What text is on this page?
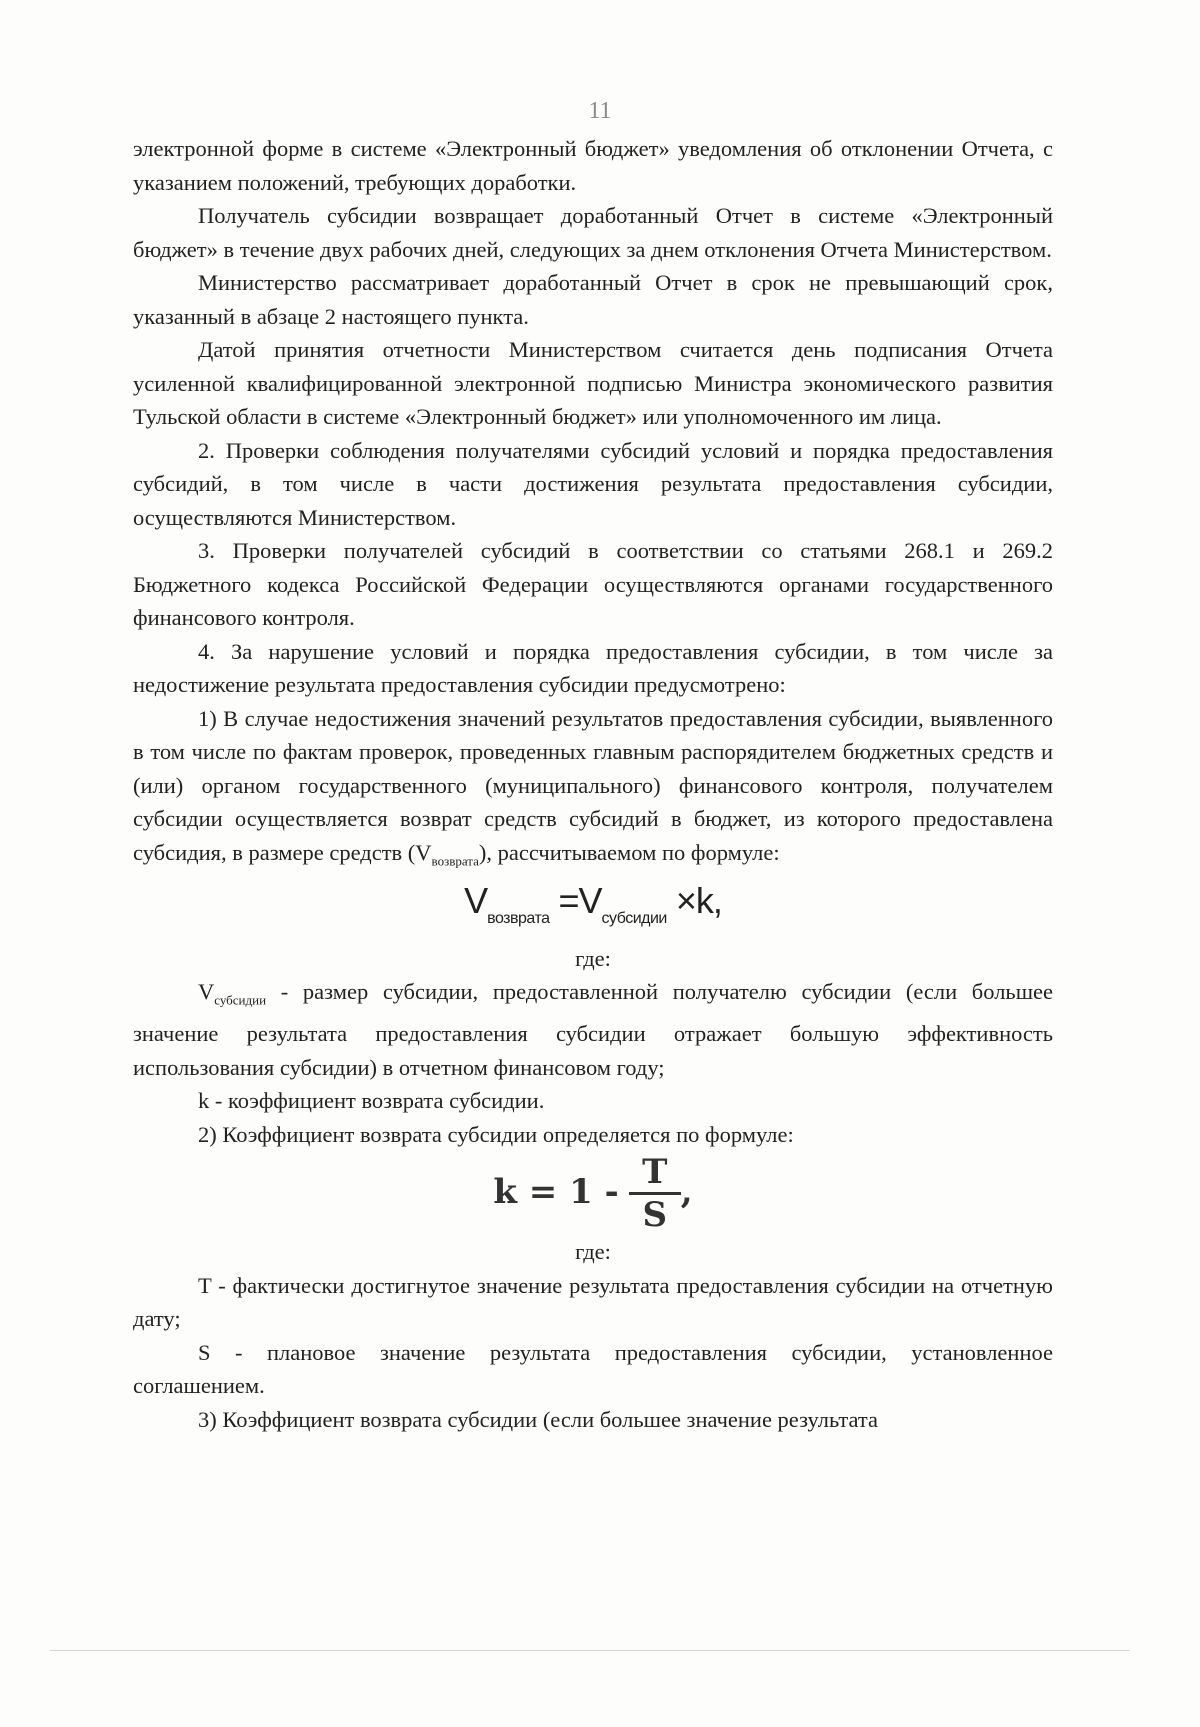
11

электронной форме в системе «Электронный бюджет» уведомления об отклонении Отчета, с указанием положений, требующих доработки.

Получатель субсидии возвращает доработанный Отчет в системе «Электронный бюджет» в течение двух рабочих дней, следующих за днем отклонения Отчета Министерством.

Министерство рассматривает доработанный Отчет в срок не превышающий срок, указанный в абзаце 2 настоящего пункта.

Датой принятия отчетности Министерством считается день подписания Отчета усиленной квалифицированной электронной подписью Министра экономического развития Тульской области в системе «Электронный бюджет» или уполномоченного им лица.

2. Проверки соблюдения получателями субсидий условий и порядка предоставления субсидий, в том числе в части достижения результата предоставления субсидии, осуществляются Министерством.

3. Проверки получателей субсидий в соответствии со статьями 268.1 и 269.2 Бюджетного кодекса Российской Федерации осуществляются органами государственного финансового контроля.

4. За нарушение условий и порядка предоставления субсидии, в том числе за недостижение результата предоставления субсидии предусмотрено:

1) В случае недостижения значений результатов предоставления субсидии, выявленного в том числе по фактам проверок, проведенных главным распорядителем бюджетных средств и (или) органом государственного (муниципального) финансового контроля, получателем субсидии осуществляется возврат средств субсидий в бюджет, из которого предоставлена субсидия, в размере средств $(V_{возврата})$, рассчитываемом по формуле:

$V_{возврата} =V_{субсидии} \times k$,

где:

$V_{субсидии}$ - размер субсидии, предоставленной получателю субсидии (если большее значение результата предоставления субсидии отражает большую эффективность использования субсидии) в отчетном финансовом году;

k - коэффициент возврата субсидии.

2) Коэффициент возврата субсидии определяется по формуле:

$k = 1 - \frac{T}{S}$ ,

где:

T - фактически достигнутое значение результата предоставления субсидии на отчетную дату;

S - плановое значение результата предоставления субсидии, установленное соглашением.

3) Коэффициент возврата субсидии (если большее значение результата
